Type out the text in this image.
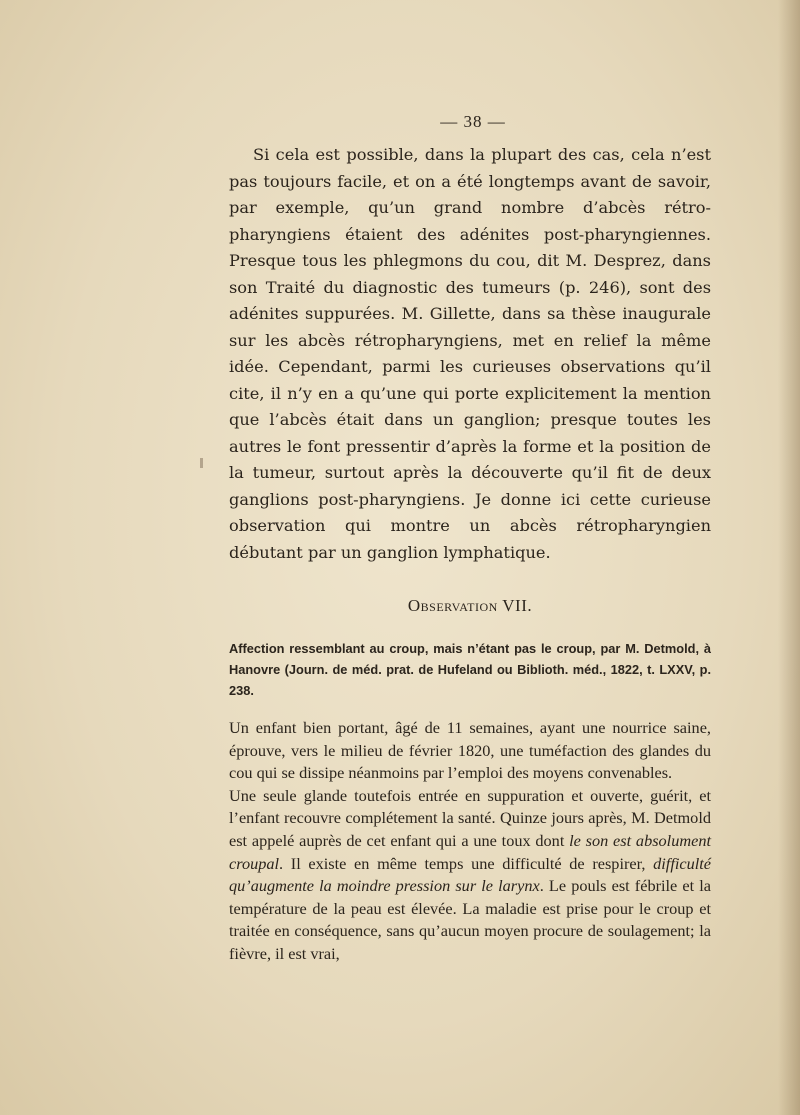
— 38 —

Si cela est possible, dans la plupart des cas, cela n’est pas toujours facile, et on a été longtemps avant de savoir, par exemple, qu’un grand nombre d’abcès rétro-pharyngiens étaient des adénites post-pharyngiennes. Presque tous les phlegmons du cou, dit M. Desprez, dans son Traité du diagnostic des tumeurs (p. 246), sont des adénites suppurées. M. Gillette, dans sa thèse inaugurale sur les abcès rétropharyngiens, met en relief la même idée. Cependant, parmi les curieuses observations qu’il cite, il n’y en a qu’une qui porte explicitement la mention que l’abcès était dans un ganglion; presque toutes les autres le font pressentir d’après la forme et la position de la tumeur, surtout après la découverte qu’il fit de deux ganglions post-pharyngiens. Je donne ici cette curieuse observation qui montre un abcès rétropharyngien débutant par un ganglion lymphatique.

Observation VII.

Affection ressemblant au croup, mais n’étant pas le croup, par M. Detmold, à Hanovre (Journ. de méd. prat. de Hufeland ou Biblioth. méd., 1822, t. LXXV, p. 238.

Un enfant bien portant, âgé de 11 semaines, ayant une nourrice saine, éprouve, vers le milieu de février 1820, une tuméfaction des glandes du cou qui se dissipe néanmoins par l’emploi des moyens convenables.

Une seule glande toutefois entrée en suppuration et ouverte, guérit, et l’enfant recouvre complétement la santé. Quinze jours après, M. Detmold est appelé auprès de cet enfant qui a une toux dont le son est absolument croupal. Il existe en même temps une difficulté de respirer, difficulté qu’augmente la moindre pression sur le larynx. Le pouls est fébrile et la température de la peau est élevée. La maladie est prise pour le croup et traitée en conséquence, sans qu’aucun moyen procure de soulagement; la fièvre, il est vrai,
